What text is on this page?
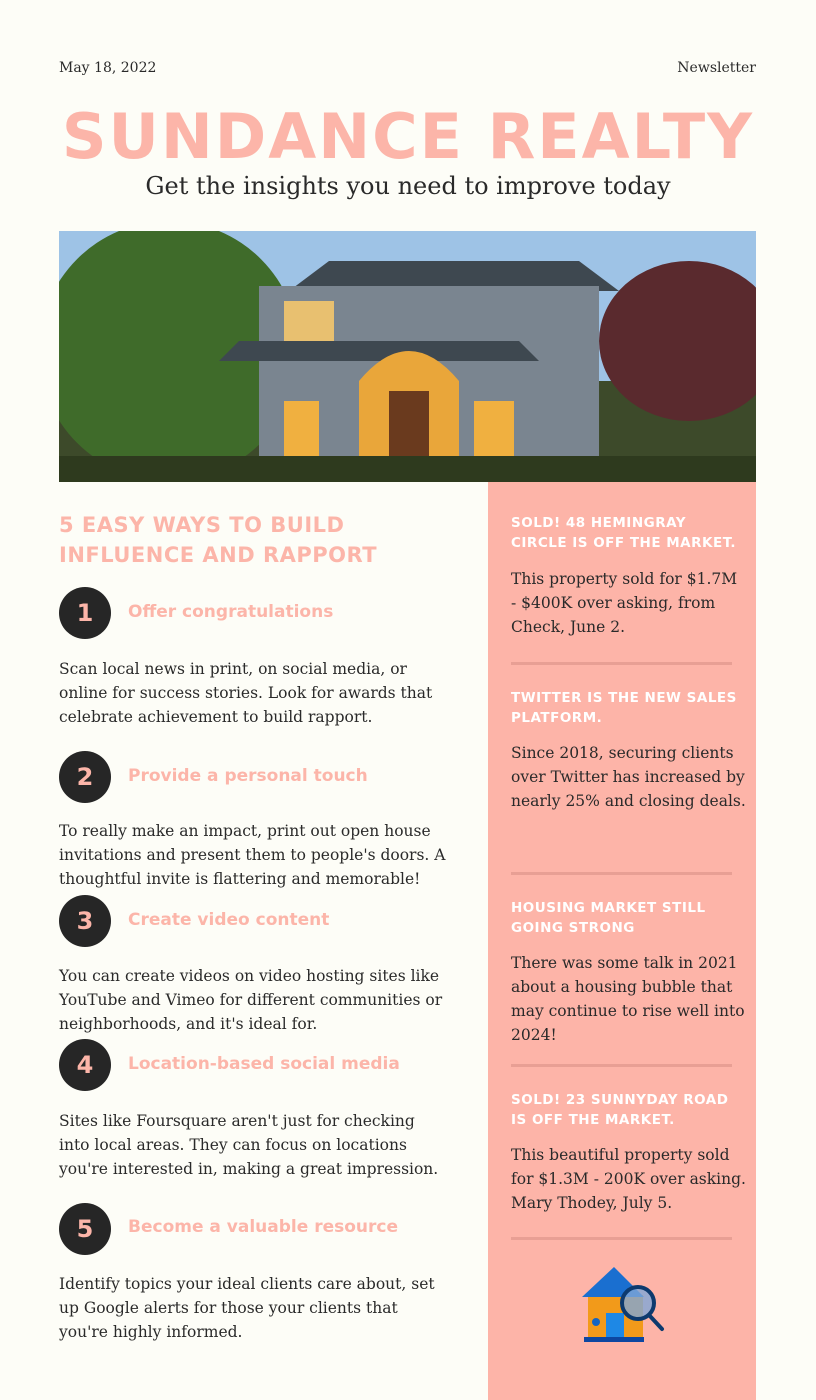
May 18, 2022	Newsletter
SUNDANCE REALTY
Get the insights you need to improve today
5 EASY WAYS TO BUILD INFLUENCE AND RAPPORT
1	Offer congratulations
Scan local news in print, on social media, or online for success stories. Look for awards that celebrate achievement to build rapport.
2	Provide a personal touch
To really make an impact, print out open house invitations and present them to people's doors. A thoughtful invite is flattering and memorable!
3	Create video content
You can create videos on video hosting sites like YouTube and Vimeo for different communities or neighborhoods, and it's ideal for.
4	Location-based social media
Sites like Foursquare aren't just for checking into local areas. They can focus on locations you're interested in, making a great impression.
5	Become a valuable resource
Identify topics your ideal clients care about, set up Google alerts for those your clients that you're highly informed.
SOLD! 48 HEMINGRAY CIRCLE IS OFF THE MARKET.
This property sold for $1.7M - $400K over asking, from Check, June 2.
TWITTER IS THE NEW SALES PLATFORM.
Since 2018, securing clients over Twitter has increased by nearly 25% and closing deals.
HOUSING MARKET STILL GOING STRONG
There was some talk in 2021 about a housing bubble that may continue to rise well into 2024!
SOLD! 23 SUNNYDAY ROAD IS OFF THE MARKET.
This beautiful property sold for $1.3M - 200K over asking. Mary Thodey, July 5.
